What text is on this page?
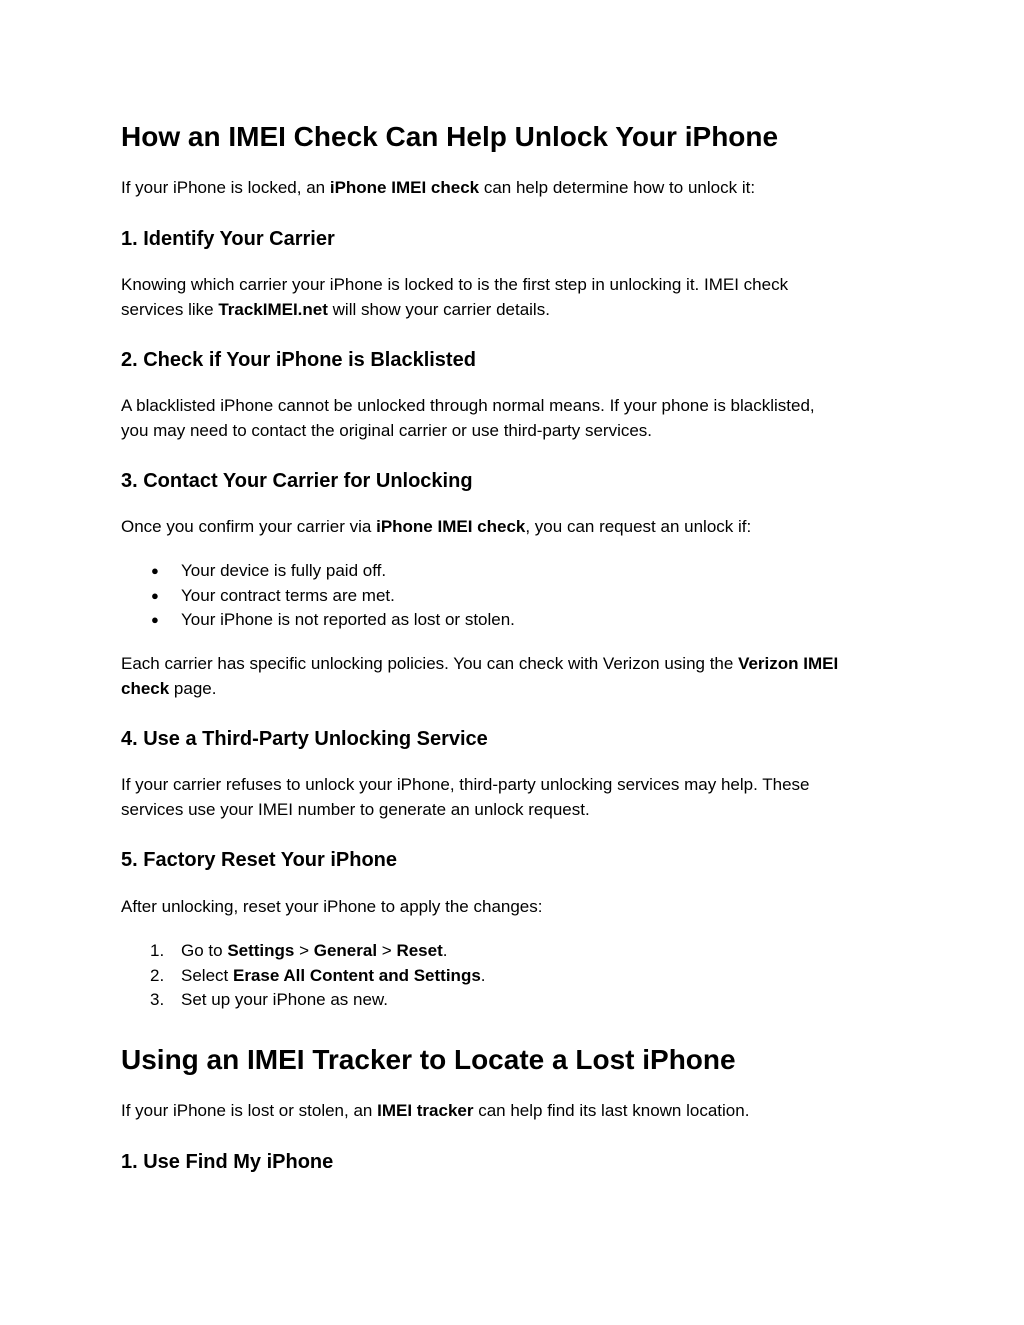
How an IMEI Check Can Help Unlock Your iPhone

If your iPhone is locked, an iPhone IMEI check can help determine how to unlock it:

1. Identify Your Carrier

Knowing which carrier your iPhone is locked to is the first step in unlocking it. IMEI check
services like TrackIMEI.net will show your carrier details.

2. Check if Your iPhone is Blacklisted

A blacklisted iPhone cannot be unlocked through normal means. If your phone is blacklisted,
you may need to contact the original carrier or use third-party services.

3. Contact Your Carrier for Unlocking

Once you confirm your carrier via iPhone IMEI check, you can request an unlock if:

● Your device is fully paid off.
● Your contract terms are met.
● Your iPhone is not reported as lost or stolen.

Each carrier has specific unlocking policies. You can check with Verizon using the Verizon IMEI
check page.

4. Use a Third-Party Unlocking Service

If your carrier refuses to unlock your iPhone, third-party unlocking services may help. These
services use your IMEI number to generate an unlock request.

5. Factory Reset Your iPhone

After unlocking, reset your iPhone to apply the changes:

1. Go to Settings > General > Reset.
2. Select Erase All Content and Settings.
3. Set up your iPhone as new.
Using an IMEI Tracker to Locate a Lost iPhone

If your iPhone is lost or stolen, an IMEI tracker can help find its last known location.

1. Use Find My iPhone
